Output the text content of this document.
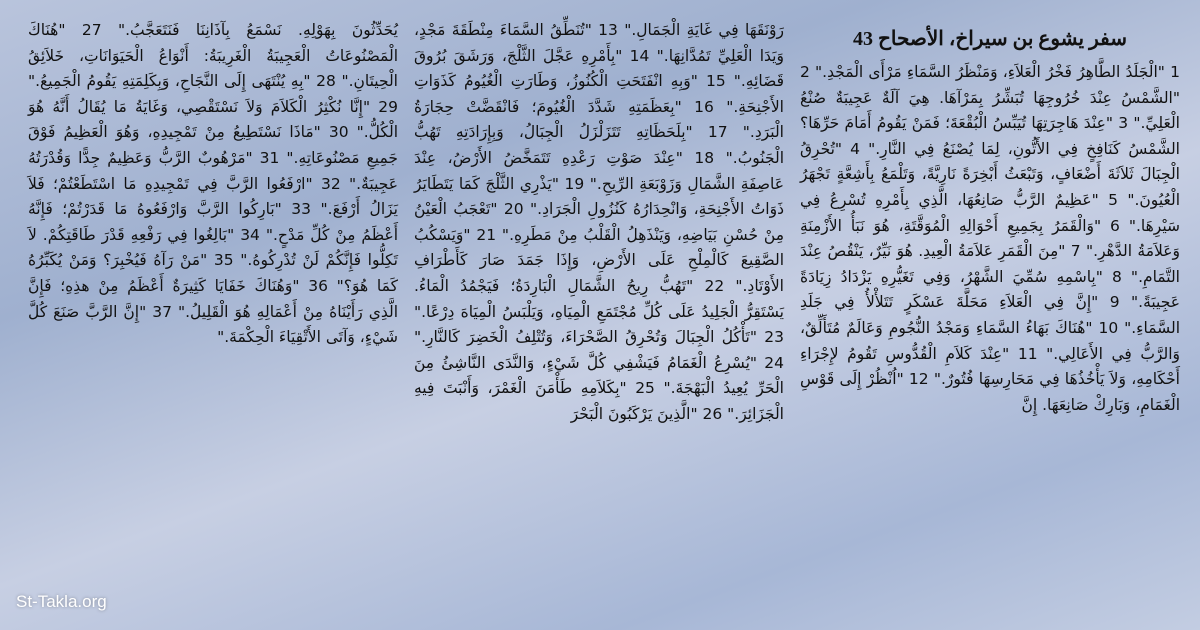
سفر يشوع بن سيراخ، الأصحاح 43
1 "الْجَلَدُ الطَّاهِرُ فَخْرُ الْعَلاَءِ، وَمَنْظَرُ السَّمَاءِ مَرْأَى الْمَجْدِ." 2 "الشَّمْسُ عِنْدَ خُرُوجِهَا تُبَشِّرُ بِمَرْآهَا. هِيَ آلَةٌ عَجِيبَةٌ صُنْعُ الْعَلِيِّ." 3 "عِنْدَ هَاجِرَتِهَا تُيَبِّسُ الْبُقْعَةَ؛ فَمَنْ يَقُومُ أَمَامَ حَرِّهَا؟ الشَّمْسُ كَنَافِخٍ فِي الأَتُّونِ، لِمَا يُصْنَعُ فِي النَّارِ." 4 "تُحْرِقُ الْجِبَالَ ثَلاَثَةَ أَضْعَافٍ، وَتَبْعَثُ أَبْخِرَةً نَارِيَّةً، وَتَلْمَعُ بِأَشِعَّةٍ تَجْهَرُ الْعُيُونَ." 5 "عَظِيمٌ الرَّبُّ صَانِعُهَا، الَّذِي بِأَمْرِهِ تُسْرِعُ فِي سَيْرِهَا." 6 "وَالْقَمَرُ بِجَمِيعِ أَحْوَالِهِ الْمُوَقَّتَةِ، هُوَ نَبَأُ الأَزْمِنَةِ وَعَلاَمَةُ الدَّهْرِ." 7 "مِنَ الْقَمَرِ عَلاَمَةُ الْعِيدِ. هُوَ نَيِّرٌ، يَنْقُصُ عِنْدَ التَّمَامِ." 8 "بِاسْمِهِ سُمِّيَ الشَّهْرُ، وَفِي تَغَيُّرِهِ يَزْدَادُ زِيَادَةً عَجِيبَةً." 9 "إِنَّ فِي الْعَلاَءِ مَحَلَّةَ عَسْكَرٍ تَتَلأْلأُ فِي جَلَدِ السَّمَاءِ." 10 "هُنَاكَ بَهَاءُ السَّمَاءِ وَمَجْدُ النُّجُومِ وَعَالَمٌ مُتَأَلِّقٌ، وَالرَّبُّ فِي الأَعَالِي." 11 "عِنْدَ كَلاَمِ الْقُدُّوسِ تَقُومُ لإِجْرَاءِ أَحْكَامِهِ، وَلاَ يَأْخُذُهَا فِي مَحَارِسِهَا فُتُورٌ." 12 "اُنْظُرْ إِلَى قَوْسِ الْغَمَامِ، وَبَارِكْ صَانِعَهَا. إِنَّ
رَوْنَقَهَا فِي غَايَةِ الْجَمَالِ." 13 "تُنَطِّقُ السَّمَاءَ مِنْطَقَةَ مَجْدٍ، وَيَدَا الْعَلِيِّ تَمُدَّانِهَا." 14 "بِأَمْرِهِ عَجَّلَ الثَّلْجَ، وَرَشَقَ بُرُوقَ قَضَائِهِ." 15 "وَبِهِ انْفَتَحَتِ الْكُنُوزُ، وَطَارَتِ الْغُيُومُ كَذَوَاتِ الأَجْنِحَةِ." 16 "بِعَظَمَتِهِ شَدَّدَ الْغُيُومَ؛ فَانْقَضَّتْ حِجَارَةُ الْبَرَدِ." 17 "بِلَحَظَاتِهِ تَتَزَلْزَلُ الْجِبَالُ، وَبِإِرَادَتِهِ تَهُبُّ الْجَنُوبُ." 18 "عِنْدَ صَوْتِ رَعْدِهِ تَتَمَخَّضُ الأَرْضُ، عِنْدَ عَاصِفَةِ الشَّمَالِ وَزَوْبَعَةِ الرِّيحِ." 19 "يَذْرِي الثَّلْجَ كَمَا يَتَطَايَرُ ذَوَاتُ الأَجْنِحَةِ، وَانْحِدَارُهُ كَنُزُولِ الْجَرَادِ." 20 "تَعْجَبُ الْعَيْنُ مِنْ حُسْنِ بَيَاضِهِ، وَيَنْذَهِلُ الْقَلْبُ مِنْ مَطَرِهِ." 21 "وَيَسْكُبُ الصَّقِيعَ كَالْمِلْحِ عَلَى الأَرْضِ، وَإِذَا جَمَدَ صَارَ كَأَطْرَافِ الأَوْتَادِ." 22 "تَهُبُّ رِيحُ الشَّمَالِ الْبَارِدَةُ؛ فَيَجْمُدُ الْمَاءُ. يَسْتَقِرُّ الْجَلِيدُ عَلَى كُلِّ مُجْتَمَعِ الْمِيَاهِ، وَيَلْبَسُ الْمِيَاهَ دِرْعًا." 23 "تَأْكُلُ الْجِبَالَ وَتُحْرِقُ الصَّحْرَاءَ، وَتُتْلِفُ الْخَضِرَ كَالنَّارِ." 24 "يُسْرِعُ الْغَمَامُ فَيَشْفِي كُلَّ شَيْءٍ، وَالنَّدَى النَّاشِئُ مِنَ الْحَرِّ يُعِيدُ الْبَهْجَةَ." 25 "بِكَلاَمِهِ طَأْمَنَ الْغَمْرَ، وَأَنْبَتَ فِيهِ الْجَزَائِرَ." 26 "الَّذِينَ يَرْكَبُونَ الْبَحْرَ
يُحَدِّثُونَ بِهَوْلِهِ. نَسْمَعُ بِآذَانِنَا فَنَتَعَجَّبُ." 27 "هُنَاكَ الْمَصْنُوعَاتُ الْعَجِيبَةُ الْغَرِيبَةُ: أَنْوَاعُ الْحَيَوَانَاتِ، خَلاَئِقُ الْحِيتَانِ." 28 "بِهِ يُنْتَهَى إِلَى النَّجَاحِ، وَبِكَلِمَتِهِ يَقُومُ الْجَمِيعُ." 29 "إِنَّا نُكْثِرُ الْكَلاَمَ وَلاَ نَسْتَقْصِي، وَغَايَةُ مَا يُقَالُ أَنَّهُ هُوَ الْكُلُّ." 30 "مَاذَا نَسْتَطِيعُ مِنْ تَمْجِيدِهِ، وَهُوَ الْعَظِيمُ فَوْقَ جَمِيعِ مَصْنُوعَاتِهِ." 31 "مَرْهُوبٌ الرَّبُّ وَعَظِيمٌ جِدًّا وَقُدْرَتُهُ عَجِيبَةٌ." 32 "ارْفَعُوا الرَّبَّ فِي تَمْجِيدِهِ مَا اسْتَطَعْتُمْ؛ فَلاَ يَزَالُ أَرْفَعَ." 33 "بَارِكُوا الرَّبَّ وَارْفَعُوهُ مَا قَدَرْتُمْ؛ فَإِنَّهُ أَعْظَمُ مِنْ كُلِّ مَدْحٍ." 34 "بَالِغُوا فِي رَفْعِهِ قَدْرَ طَاقَتِكُمْ. لاَ تَكِلُّوا فَإِنَّكُمْ لَنْ تُدْرِكُوهُ." 35 "مَنْ رَآهُ فَيُخْبِرَ؟ وَمَنْ يُكَبِّرُهُ كَمَا هُوَ؟" 36 "وَهُنَاكَ خَفَايَا كَثِيرَةٌ أَعْظَمُ مِنْ هذِهِ؛ فَإِنَّ الَّذِي رَأَيْنَاهُ مِنْ أَعْمَالِهِ هُوَ الْقَلِيلُ." 37 "إِنَّ الرَّبَّ صَنَعَ كُلَّ شَيْءٍ، وَآتَى الأَتْقِيَاءَ الْحِكْمَةَ."
St-Takla.org
